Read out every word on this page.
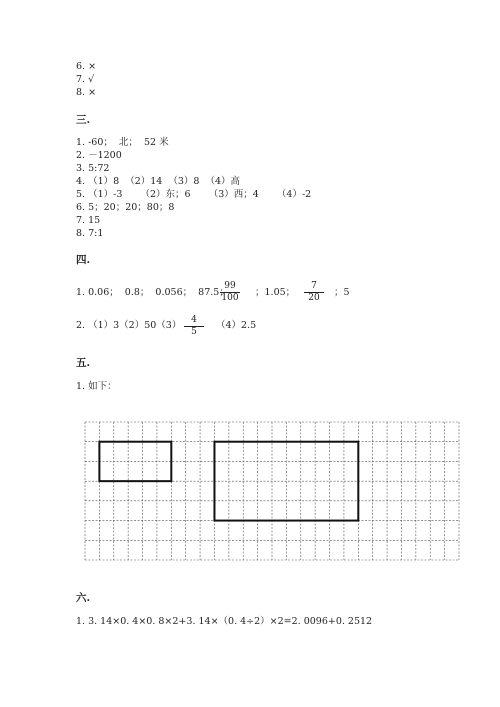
6. ×
7. √
8. ×
三.
1. -60；  北；  52 米
2. －1200
3. 5:72
4. （1）8  （2）14  （3）8  （4）高
5. （1）-3      （2）东；6      （3）西；4      （4）-2
6. 5；20；20；80；8
7. 15
8. 7:1
四.
1. 0.06；  0.8；  0.056；  87.5；
99
100	；1.05；
7
20	；5
2. （1）3（2）50（3）	4
5
（4）2.5
五.
1. 如下：
六.
1. 3. 14×0. 4×0. 8×2+3. 14×（0. 4÷2）×2=2. 0096+0. 2512
